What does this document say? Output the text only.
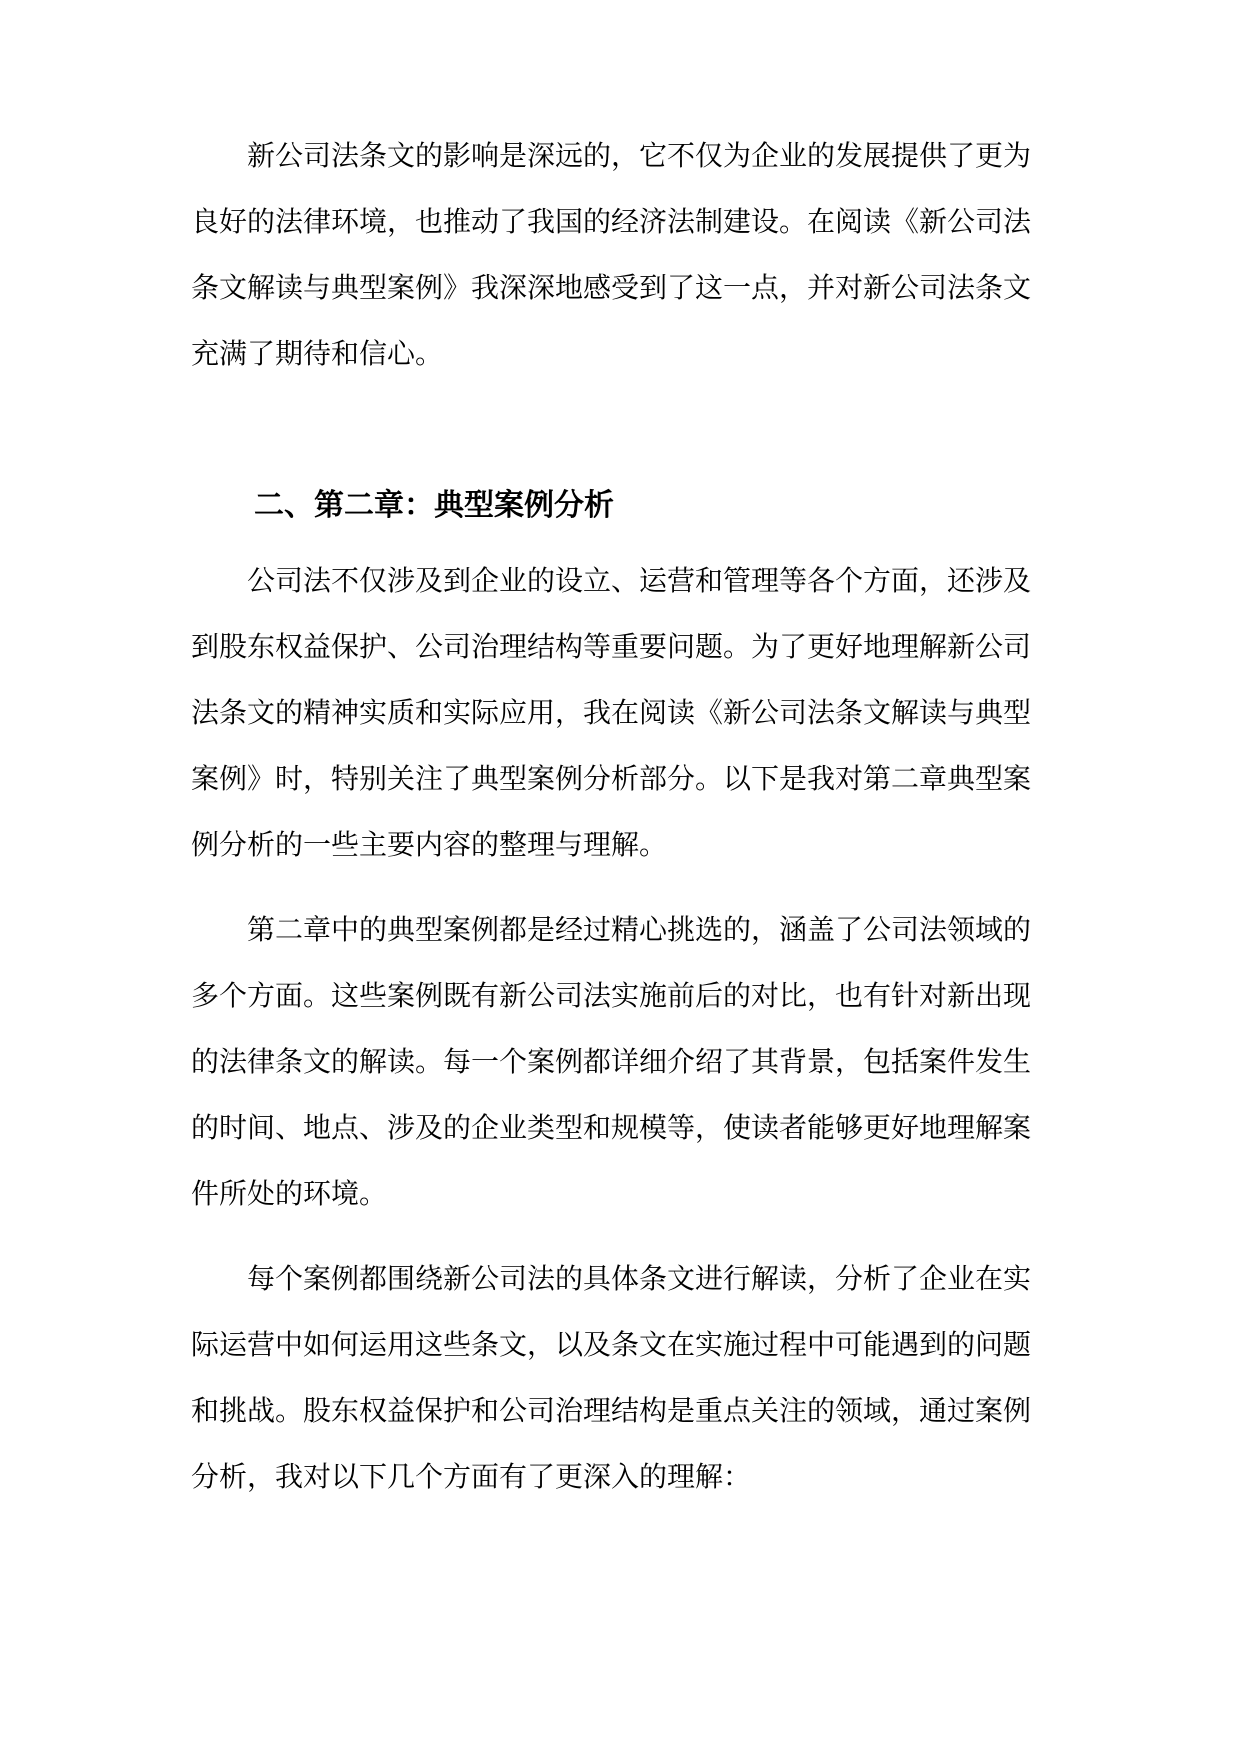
新公司法条文的影响是深远的，它不仅为企业的发展提供了更为
良好的法律环境，也推动了我国的经济法制建设。在阅读《新公司法
条文解读与典型案例》我深深地感受到了这一点，并对新公司法条文
充满了期待和信心。
二、第二章：典型案例分析
公司法不仅涉及到企业的设立、运营和管理等各个方面，还涉及
到股东权益保护、公司治理结构等重要问题。为了更好地理解新公司
法条文的精神实质和实际应用，我在阅读《新公司法条文解读与典型
案例》时，特别关注了典型案例分析部分。以下是我对第二章典型案
例分析的一些主要内容的整理与理解。
第二章中的典型案例都是经过精心挑选的，涵盖了公司法领域的
多个方面。这些案例既有新公司法实施前后的对比，也有针对新出现
的法律条文的解读。每一个案例都详细介绍了其背景，包括案件发生
的时间、地点、涉及的企业类型和规模等，使读者能够更好地理解案
件所处的环境。
每个案例都围绕新公司法的具体条文进行解读，分析了企业在实
际运营中如何运用这些条文，以及条文在实施过程中可能遇到的问题
和挑战。股东权益保护和公司治理结构是重点关注的领域，通过案例
分析，我对以下几个方面有了更深入的理解：
